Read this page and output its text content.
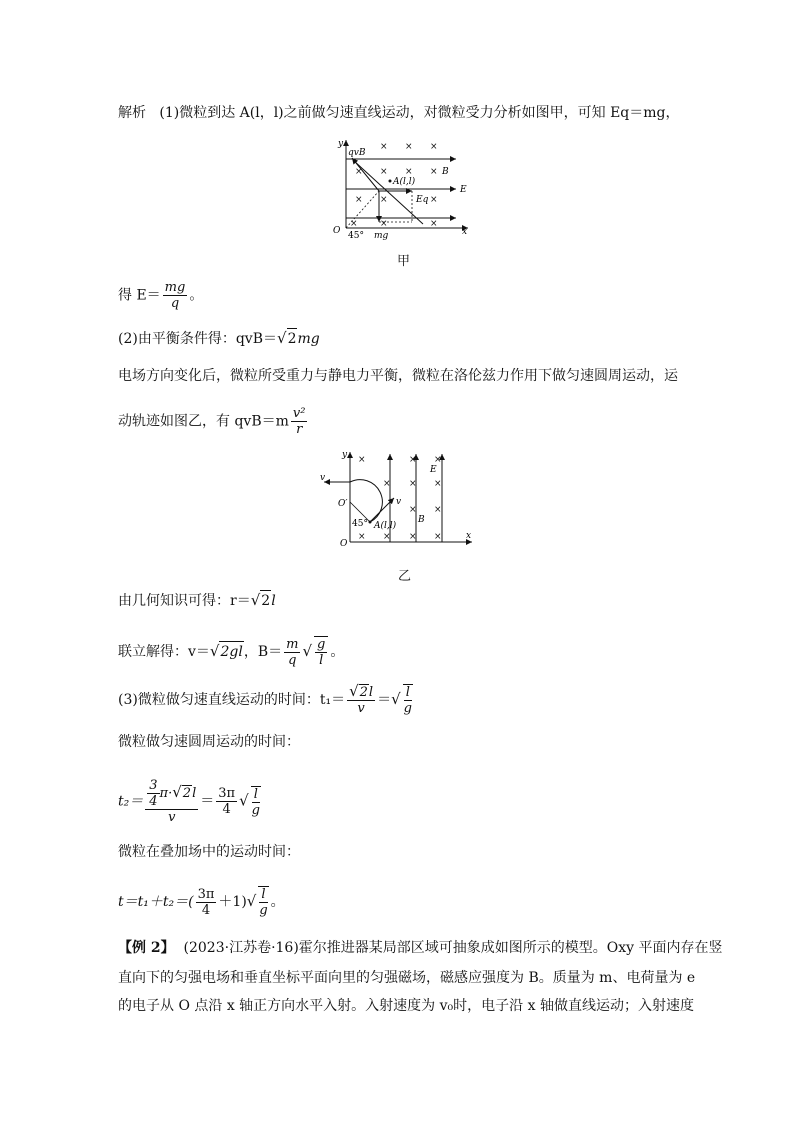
解析 (1)微粒到达 A(l，l)之前做匀速直线运动，对微粒受力分析如图甲，可知 Eq＝mg，
× × ×
× × × ×
× ×	×
× ×	×
y
x
O
qvB
B
E
A(l,l)
Eq
mg
45°
甲
得 $E= \frac{mg}{q}$ 。
(2)由平衡条件得：qvB＝√2mg
电场方向变化后，微粒所受重力与静电力平衡，微粒在洛伦兹力作用下做匀速圆周运动，运
动轨迹如图乙，有 $qvB=m \frac{\text{v²}}{r}$
×	× ×
× × ×
× ×
× × × ×
y
x
O
O′
v
v
A(l,l)
45°	B
E
乙
由几何知识可得：r＝√2l
联立解得：v＝√2gl，$B= \frac{m}{q}$ √ $\frac{g}{l}$ 。
(3)微粒做匀速直线运动的时间：$t_1= \frac{√2l}{v}$ ＝√ $\frac{l}{g}$
微粒做匀速圆周运动的时间：
$t_2= \frac{\frac{3}{4} \pi\cdot√2l}{v} = \frac{3\pi}{4}$ √ $\frac{l}{g}$
微粒在叠加场中的运动时间：
$t=t_1+t_2=( \frac{3\pi}{4} +1)√ \frac{l}{g}$ 。
【例 2】 (2023·江苏卷·16)霍尔推进器某局部区域可抽象成如图所示的模型。Oxy 平面内存在竖
直向下的匀强电场和垂直坐标平面向里的匀强磁场，磁感应强度为 B。质量为 m、电荷量为 e
的电子从 O 点沿 x 轴正方向水平入射。入射速度为 v₀时，电子沿 x 轴做直线运动；入射速度
